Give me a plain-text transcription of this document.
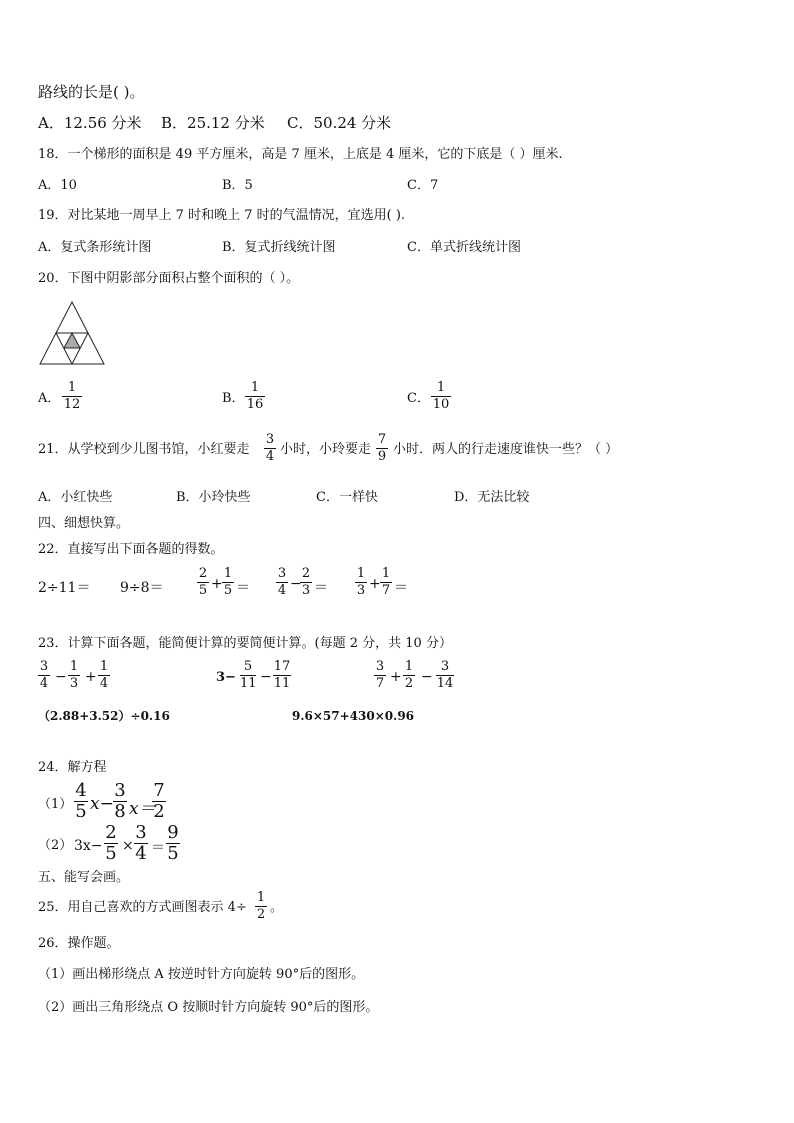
路线的长是( )。
A．12.56 分米 B．25.12 分米 C．50.24 分米
18．一个梯形的面积是 49 平方厘米，高是 7 厘米，上底是 4 厘米，它的下底是（ ）厘米.
A．10	B．5	C．7
19．对比某地一周早上 7 时和晚上 7 时的气温情况，宜选用( ).
A．复式条形统计图	B．复式折线统计图	C．单式折线统计图
20．下图中阴影部分面积占整个面积的（ ）。
A．
1
12	B．
1
16	C．
1
10
21．从学校到少儿图书馆，小红要走
3
4 小时，小玲要走
7
9 小时．两人的行走速度谁快一些？（ ）
A．小红快些	B．小玲快些	C．一样快	D．无法比较
四、细想快算。
22．直接写出下面各题的得数。
2÷11＝ 9÷8＝
2
5 +
1
5 ＝
3
4 −
2
3 ＝
1
3 +
1
7 ＝
23．计算下面各题，能简便计算的要简便计算。(每题 2 分，共 10 分）
3
4 −
1
3 +
1
4	3−
5
11 −
17
11
3
7 +
1
2 −
3
14
（2.88+3.52）÷0.16	9.6×57+430×0.96
24．解方程
（1）
4
5 x−
3
8 x＝
7
2
（2） 3x−
2
5 ×
3
4 ＝
9
5
五、能写会画。
25．用自己喜欢的方式画图表示 4÷
1
2 。
26．操作题。
（1）画出梯形绕点 A 按逆时针方向旋转 90°后的图形。
（2）画出三角形绕点 O 按顺时针方向旋转 90°后的图形。
